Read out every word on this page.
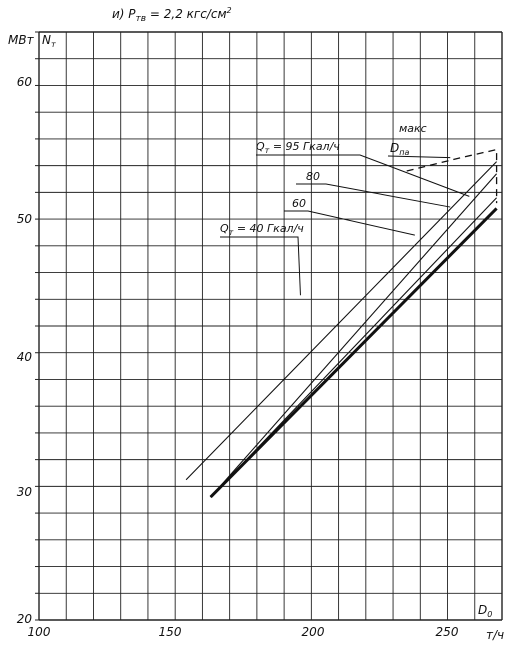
и) $P_{тв} = 2,2$ кгс/$см^2$
МВт $N_т$
$D_0$
т/ч
20
30
40
50
60
100	150	200	250
$Q_т = 95$ Гкал/ч
80
60
$Q_т = 40$ Гкал/ч
$D_{па}$
макс
